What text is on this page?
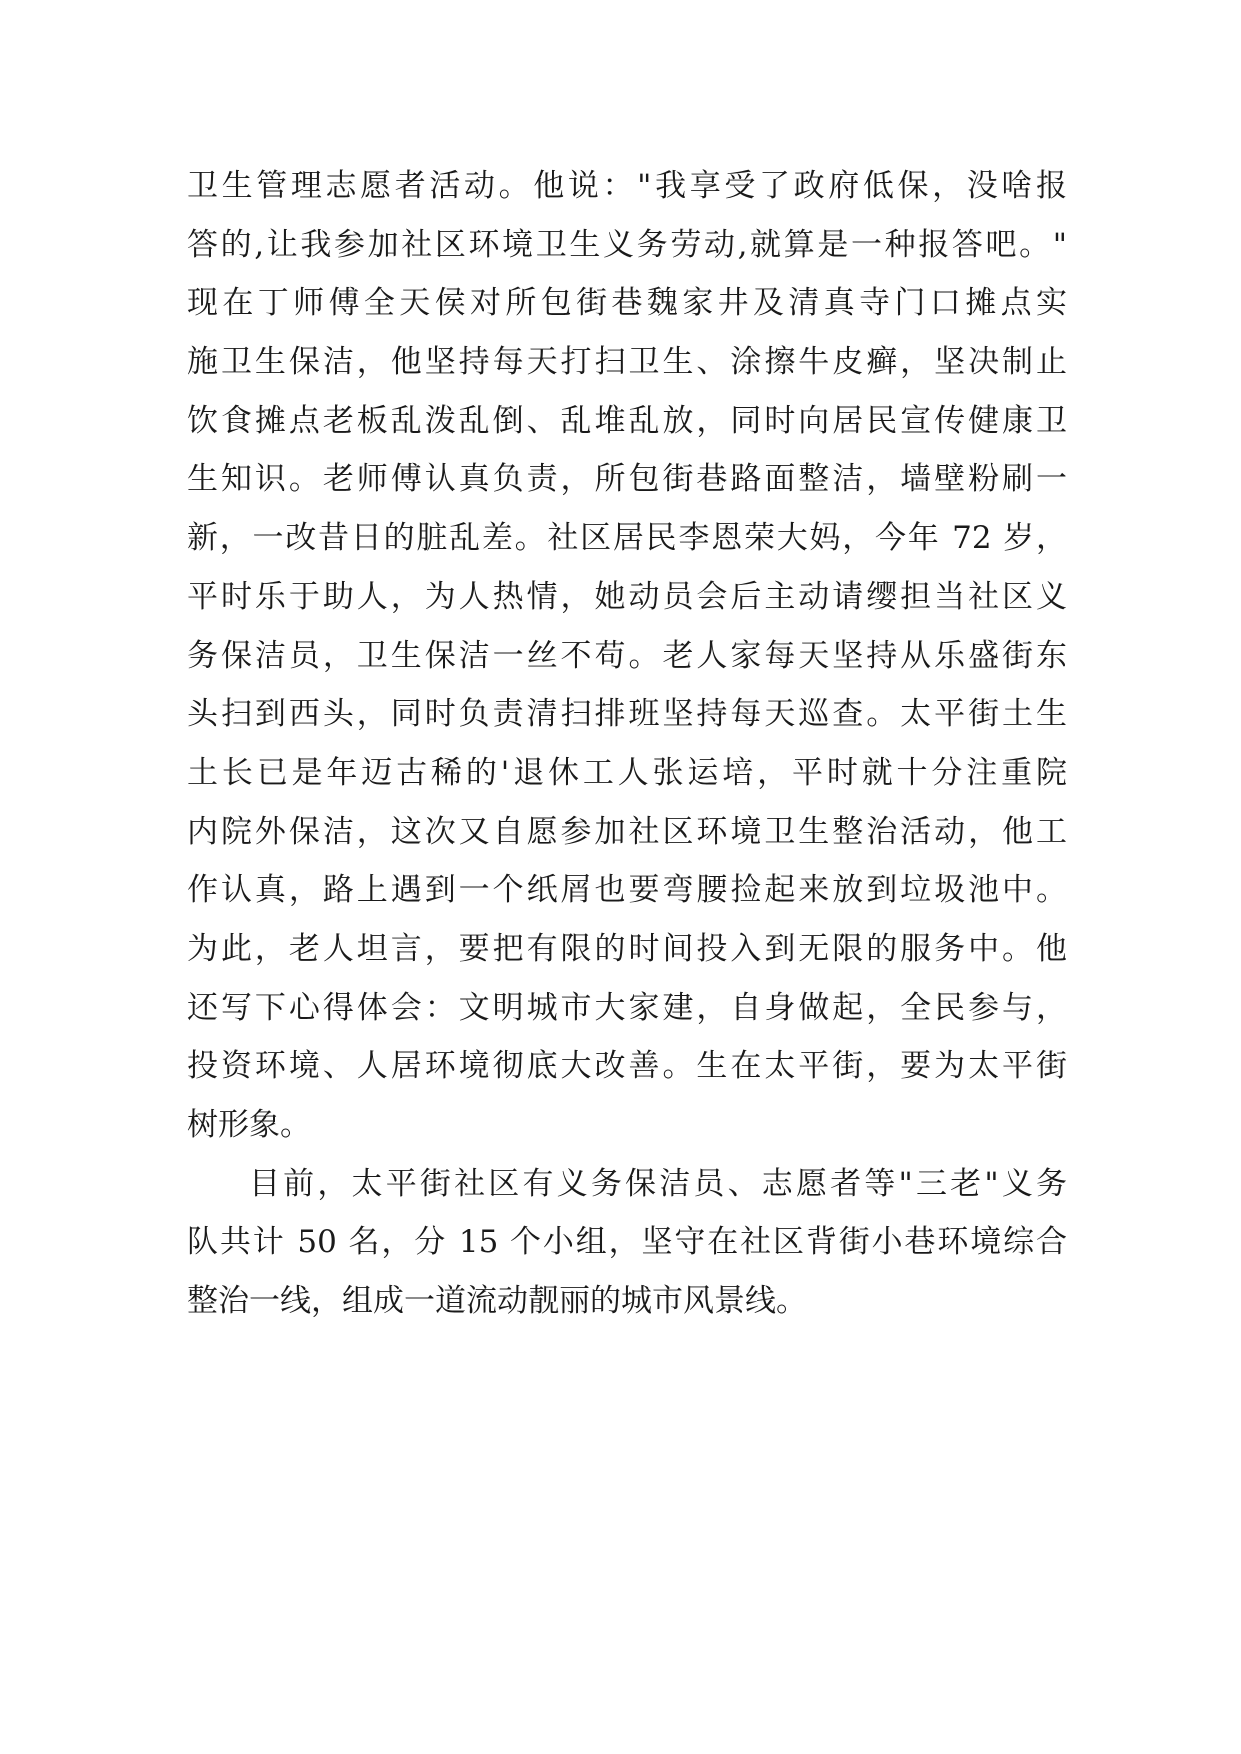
卫生管理志愿者活动。他说："我享受了政府低保，没啥报
答的,让我参加社区环境卫生义务劳动,就算是一种报答吧。"
现在丁师傅全天侯对所包街巷魏家井及清真寺门口摊点实
施卫生保洁，他坚持每天打扫卫生、涂擦牛皮癣，坚决制止
饮食摊点老板乱泼乱倒、乱堆乱放，同时向居民宣传健康卫
生知识。老师傅认真负责，所包街巷路面整洁，墙壁粉刷一
新，一改昔日的脏乱差。社区居民李恩荣大妈，今年 72 岁，
平时乐于助人，为人热情，她动员会后主动请缨担当社区义
务保洁员，卫生保洁一丝不苟。老人家每天坚持从乐盛街东
头扫到西头，同时负责清扫排班坚持每天巡查。太平街土生
土长已是年迈古稀的'退休工人张运培，平时就十分注重院
内院外保洁，这次又自愿参加社区环境卫生整治活动，他工
作认真，路上遇到一个纸屑也要弯腰捡起来放到垃圾池中。
为此，老人坦言，要把有限的时间投入到无限的服务中。他
还写下心得体会：文明城市大家建，自身做起，全民参与，
投资环境、人居环境彻底大改善。生在太平街，要为太平街
树形象。
目前，太平街社区有义务保洁员、志愿者等"三老"义务
队共计 50 名，分 15 个小组，坚守在社区背街小巷环境综合
整治一线，组成一道流动靓丽的城市风景线。
